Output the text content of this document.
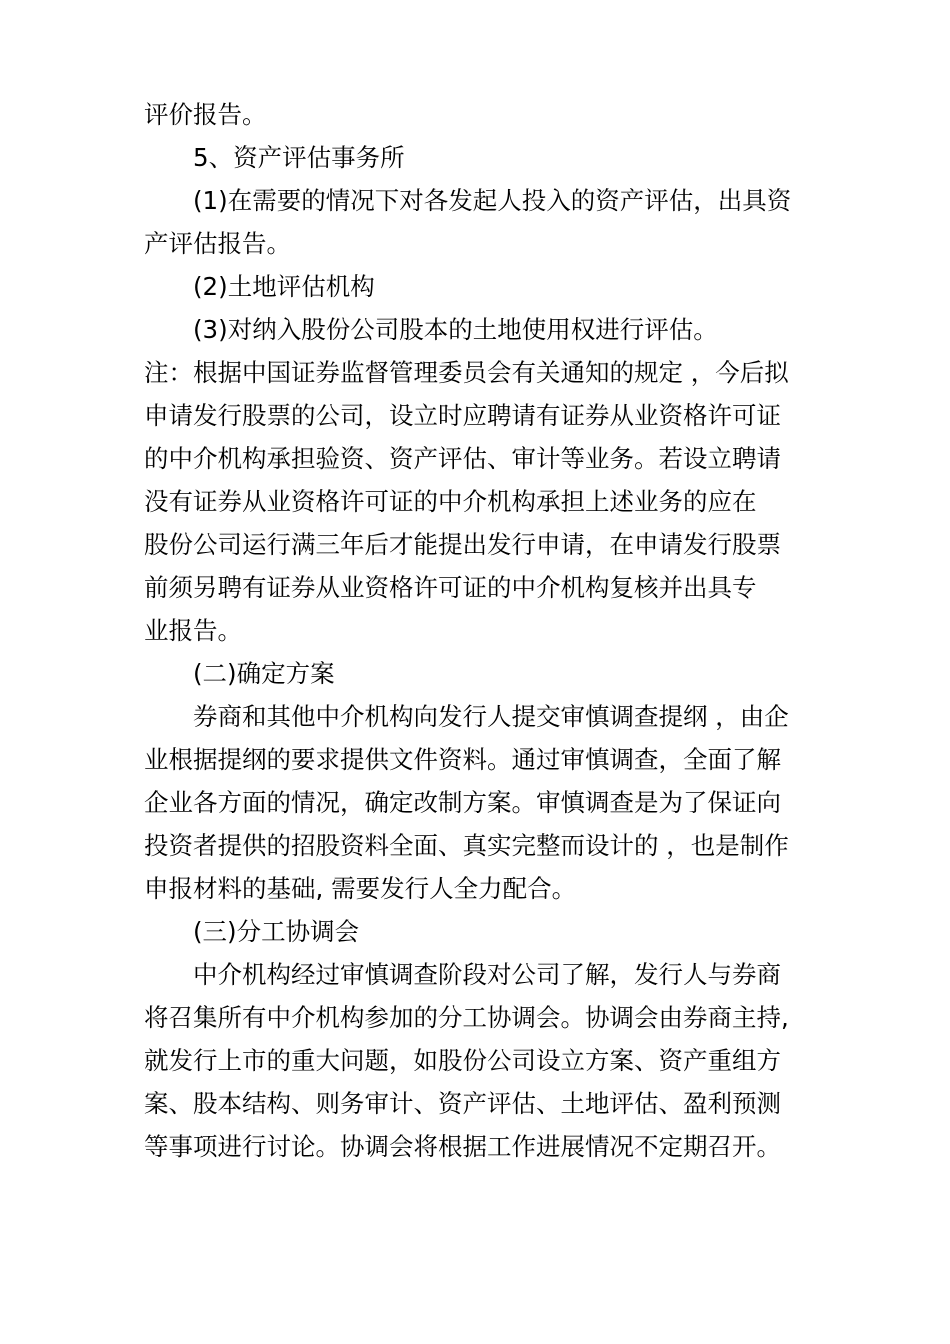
评价报告。
5、资产评估事务所
(1)在需要的情况下对各发起人投入的资产评估，出具资
产评估报告。
(2)土地评估机构
(3)对纳入股份公司股本的土地使用权进行评估。
注：根据中国证券监督管理委员会有关通知的规定 ，今后拟
申请发行股票的公司，设立时应聘请有证券从业资格许可证
的中介机构承担验资、资产评估、审计等业务。若设立聘请
没有证券从业资格许可证的中介机构承担上述业务的应在
股份公司运行满三年后才能提出发行申请，在申请发行股票
前须另聘有证券从业资格许可证的中介机构复核并出具专
业报告。
(二)确定方案
券商和其他中介机构向发行人提交审慎调查提纲 ，由企
业根据提纲的要求提供文件资料。通过审慎调查，全面了解
企业各方面的情况，确定改制方案。审慎调查是为了保证向
投资者提供的招股资料全面、真实完整而设计的 ，也是制作
申报材料的基础, 需要发行人全力配合。
(三)分工协调会
中介机构经过审慎调查阶段对公司了解，发行人与券商
将召集所有中介机构参加的分工协调会。协调会由券商主持,
就发行上市的重大问题，如股份公司设立方案、资产重组方
案、股本结构、则务审计、资产评估、土地评估、盈利预测
等事项进行讨论。协调会将根据工作进展情况不定期召开。
